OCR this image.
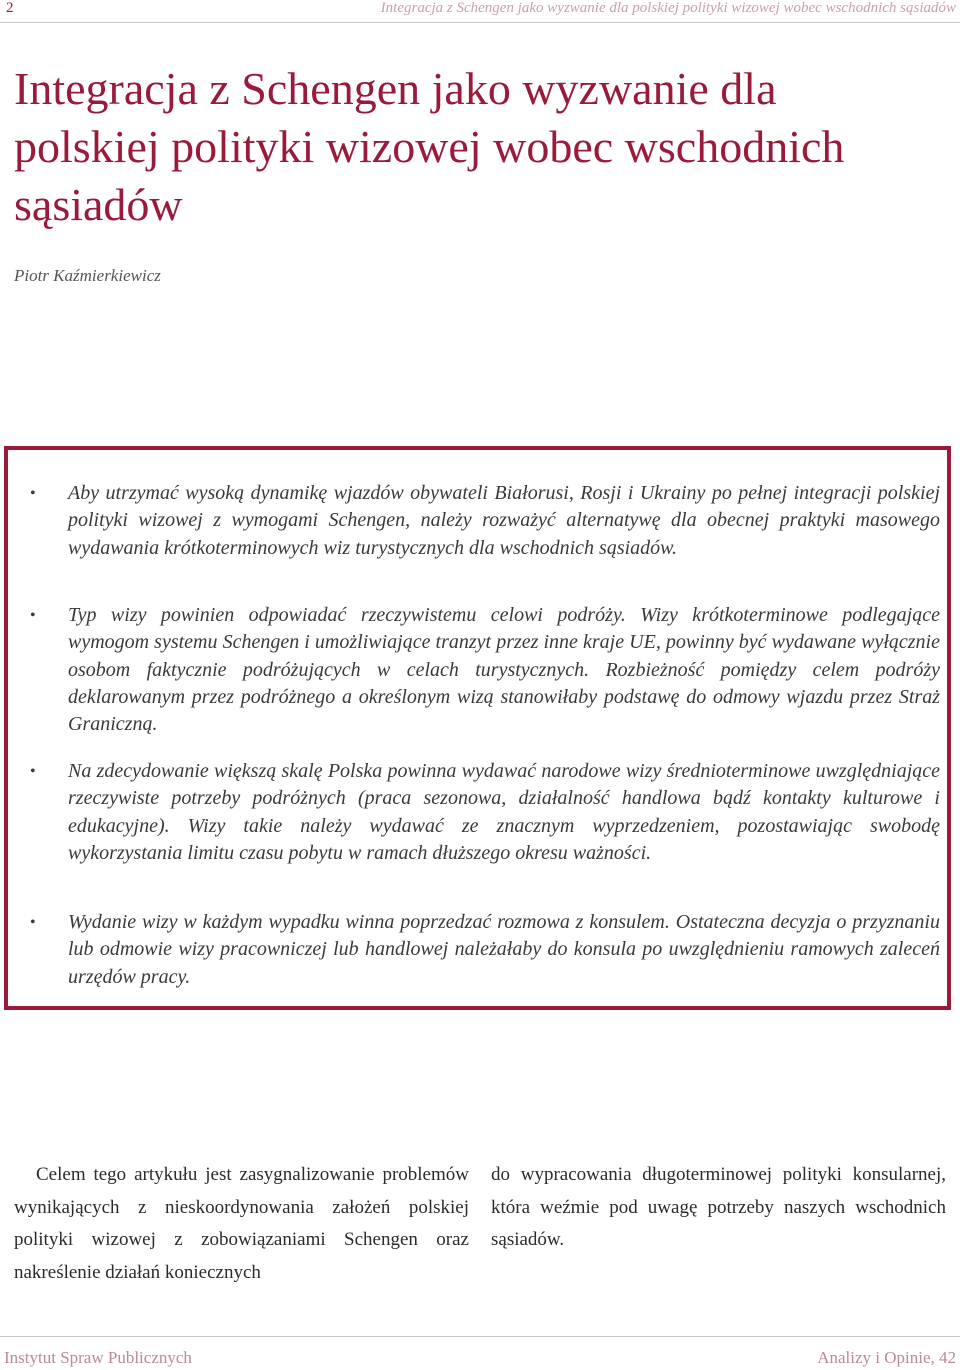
2	Integracja z Schengen jako wyzwanie dla polskiej polityki wizowej wobec wschodnich sąsiadów
Integracja z Schengen jako wyzwanie dla polskiej polityki wizowej wobec wschodnich sąsiadów
Piotr Kaźmierkiewicz
• Aby utrzymać wysoką dynamikę wjazdów obywateli Białorusi, Rosji i Ukrainy po pełnej integracji polskiej polityki wizowej z wymogami Schengen, należy rozważyć alternatywę dla obecnej praktyki masowego wydawania krótkoterminowych wiz turystycznych dla wschodnich sąsiadów.

• Typ wizy powinien odpowiadać rzeczywistemu celowi podróży. Wizy krótkoterminowe podlegające wymogom systemu Schengen i umożliwiające tranzyt przez inne kraje UE, powinny być wydawane wyłącznie osobom faktycznie podróżujących w celach turystycznych. Rozbieżność pomiędzy celem podróży deklarowanym przez podróżnego a określonym wizą stanowiłaby podstawę do odmowy wjazdu przez Straż Graniczną.

• Na zdecydowanie większą skalę Polska powinna wydawać narodowe wizy średnioterminowe uwzględniające rzeczywiste potrzeby podróżnych (praca sezonowa, działalność handlowa bądź kontakty kulturowe i edukacyjne). Wizy takie należy wydawać ze znacznym wyprzedzeniem, pozostawiając swobodę wykorzystania limitu czasu pobytu w ramach dłuższego okresu ważności.

• Wydanie wizy w każdym wypadku winna poprzedzać rozmowa z konsulem. Ostateczna decyzja o przyznaniu lub odmowie wizy pracowniczej lub handlowej należałaby do konsula po uwzględnieniu ramowych zaleceń urzędów pracy.

Celem tego artykułu jest zasygnalizowanie problemów wynikających z nieskoordynowania założeń polskiej polityki wizowej z zobowiązaniami Schengen oraz nakreślenie działań koniecznych

do wypracowania długoterminowej polityki konsularnej, która weźmie pod uwagę potrzeby naszych wschodnich sąsiadów.

Instytut Spraw Publicznych	Analizy i Opinie, 42
